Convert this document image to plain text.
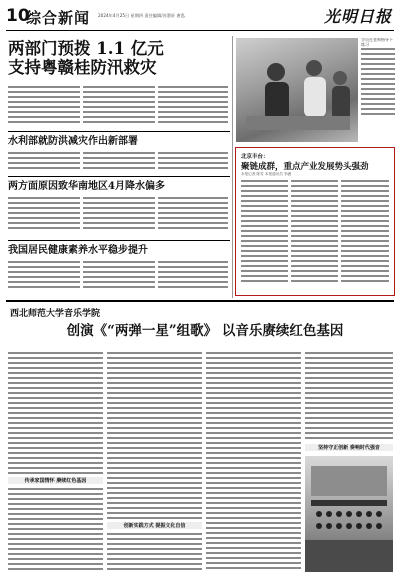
10
综合新闻 2024年4月25日 星期四 责任编辑/苏墨轩 唐泓	光明日报
两部门预拨 1.1 亿元
支持粤赣桂防汛救灾
水利部就防洪减灾作出新部署
两方面原因致华南地区4月降水偏多
我国居民健康素养水平稳步提升
学员在老师指导下练习
北京丰台：
聚链成群，重点产业发展势头强劲
本报记者 陈雪 本报通讯员 李涵
西北师范大学音乐学院
创演《“两弹一星”组歌》 以音乐赓续红色基因
传承家国情怀 赓续红色基因
创新实践方式 提振文化自信
坚持守正创新 奏响时代强音
